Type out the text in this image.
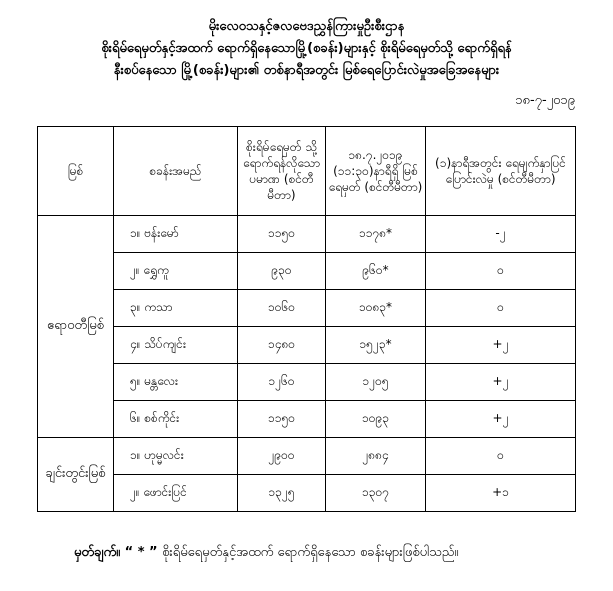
မိုးလေဝသနှင့်ဇလဗေဒညွှန်ကြားမှုဦးစီးဌာန
စိုးရိမ်ရေမှတ်နှင့်အထက် ရောက်ရှိနေသောမြို့(စခန်း)များနှင့် စိုးရိမ်ရေမှတ်သို့ ရောက်ရှိရန်
နီးစပ်နေသော မြို့(စခန်း)များ၏ တစ်နာရီအတွင်း မြစ်ရေပြောင်းလဲမှုအခြေအနေများ
၁၈-၇-၂၀၁၉
မြစ်	စခန်းအမည်	စိုးရိမ်ရေမှတ် သို့ ရောက်ရန်လိုသော ပမာဏ (စင်တီမီတာ)	၁၈.၇.၂၀၁၉ (၁၁:၃၀)နာရီရှိ မြစ်ရေမှတ် (စင်တီမီတာ)	(၁)နာရီအတွင်း ရေမျက်နှာပြင်ပြောင်းလဲမှု (စင်တီမီတာ)
ဧရာဝတီမြစ်	၁။ ဗန်းမော်	၁၁၅၀	၁၁၇၈*	-၂
	၂။ ရွှေကူ	၉၃၀	၉၆၀*	၀
	၃။ ကသာ	၁၀၆၀	၁၀၈၃*	၀
	၄။ သိပ်ကျင်း	၁၄၈၀	၁၅၂၃*	+၂
	၅။ မန္တလေး	၁၂၆၀	၁၂၀၅	+၂
	၆။ စစ်ကိုင်း	၁၁၅၀	၁၀၉၃	+၂
ချင်းတွင်းမြစ်	၁။ ဟုမ္မလင်း	၂၉၀၀	၂၈၈၄	၀
	၂။ ဖောင်းပြင်	၁၃၂၅	၁၃၀၇	+၁
မှတ်ချက်။ “ * ” စိုးရိမ်ရေမှတ်နှင့်အထက် ရောက်ရှိနေသော စခန်းများဖြစ်ပါသည်။
